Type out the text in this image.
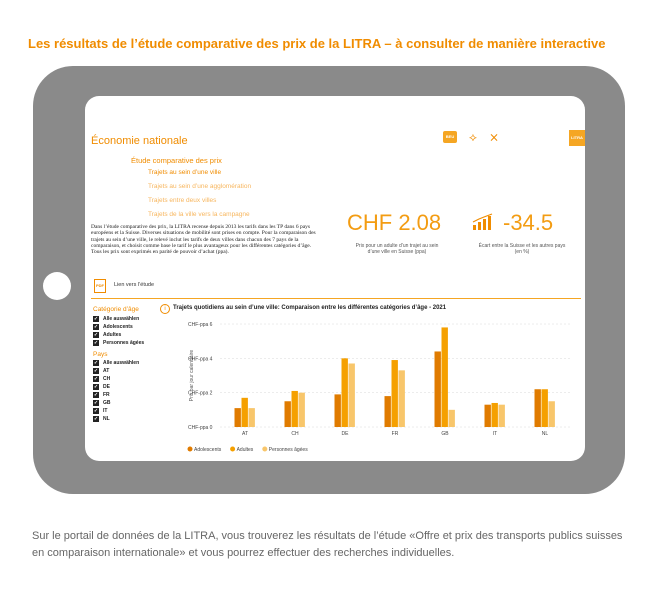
Les résultats de l’étude comparative des prix de la LITRA – à consulter de manière interactive
Économie nationale	BEU ⟡ ⨯	LITRA
Étude comparative des prix
Trajets au sein d’une ville
Trajets au sein d’une agglomération
Trajets entre deux villes
Trajets de la ville vers la campagne

Dans l’étude comparative des prix, la LITRA recense depuis 2013 les tarifs dans les TP dans 6 pays européens et la Suisse. Diverses situations de mobilité sont prises en compte. Pour la comparaison des trajets au sein d’une ville, le relevé inclut les tarifs de deux villes dans chacun des 7 pays de la comparaison, et choisit comme base le tarif le plus avantageux pour les différentes catégories d’âge.

Tous les prix sont exprimés en parité de pouvoir d’achat (ppa).

PDF	Lien vers l’étude
CHF 2.08
Prix pour un adulte d’un trajet au sein
d’une ville en Suisse (ppa)
-34.5
Écart entre la Suisse et les autres pays
(en %)
Catégorie d’âge
✓ Alle auswählen
✓ Adolescents
✓ Adultes
✓ Personnes âgées
Pays
✓ Alle auswählen
✓ AT
✓ CH
✓ DE
✓ FR
✓ GB
✓ IT
✓ NL
i	Trajets quotidiens au sein d’une ville: Comparaison entre les différentes catégories d’âge - 2021
Prix par jour calendaire
CHF-ppa 0
CHF-ppa 2
CHF-ppa 4
CHF-ppa 6
AT	CH	DE	FR	GB	IT	NL
Adolescents	Adultes	Personnes âgées
Sur le portail de données de la LITRA, vous trouverez les résultats de l’étude «Offre et prix des transports publics suisses en comparaison internationale» et vous pourrez effectuer des recherches individuelles.
